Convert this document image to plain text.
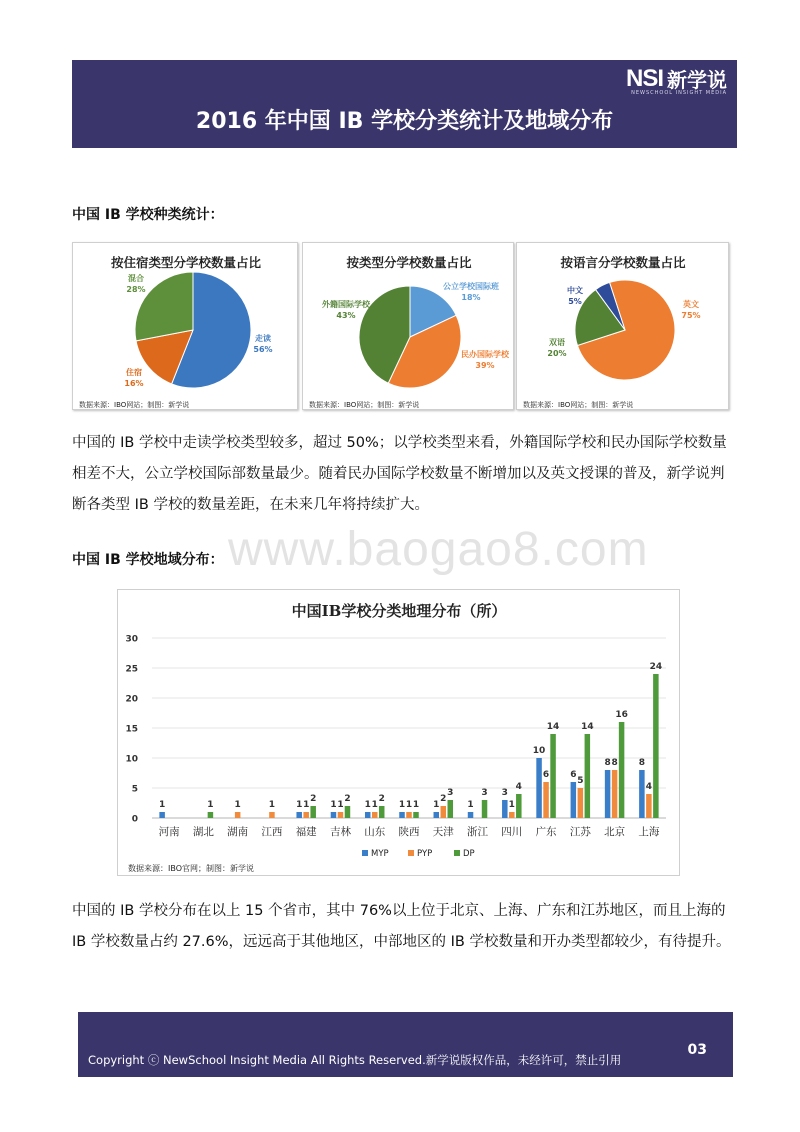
NSI 新学说
NEWSCHOOL INSIGHT MEDIA
2016 年中国 IB 学校分类统计及地域分布
中国 IB 学校种类统计：
按住宿类型分学校数量占比
走读
56%
住宿
16%
混合
28%
数据来源：IBO网站；制图：新学说
按类型分学校数量占比
公立学校国际班
18%
民办国际学校
39%
外籍国际学校
43%
数据来源：IBO网站；制图：新学说
按语言分学校数量占比
英文
75%
双语
20%
中文
5%
数据来源：IBO网站；制图：新学说
中国的 IB 学校中走读学校类型较多，超过 50%；以学校类型来看，外籍国际学校和民办国际学校数量相差不大，公立学校国际部数量最少。随着民办国际学校数量不断增加以及英文授课的普及，新学说判断各类型 IB 学校的数量差距，在未来几年将持续扩大。
中国 IB 学校地域分布： www.baogao8.com
中国IB学校分类地理分布（所）
0
5
10
15
20
25
30
河南
1
湖北
1
湖南
1
江西
1
福建
1 1
2
吉林
1 1
2
山东
1 1
2
陕西
1 1 1
天津
1
2
3
浙江
1
3
四川
3
1
4
广东
10
6
14
江苏
6
5
14
北京
8 8
16
上海
8
4
24
MYP	PYP	DP
数据来源：IBO官网；制图：新学说
中国的 IB 学校分布在以上 15 个省市，其中 76%以上位于北京、上海、广东和江苏地区，而且上海的 IB 学校数量占约 27.6%，远远高于其他地区，中部地区的 IB 学校数量和开办类型都较少，有待提升。
Copyright ⓒ NewSchool Insight Media All Rights Reserved.新学说版权作品，未经许可，禁止引用
03
